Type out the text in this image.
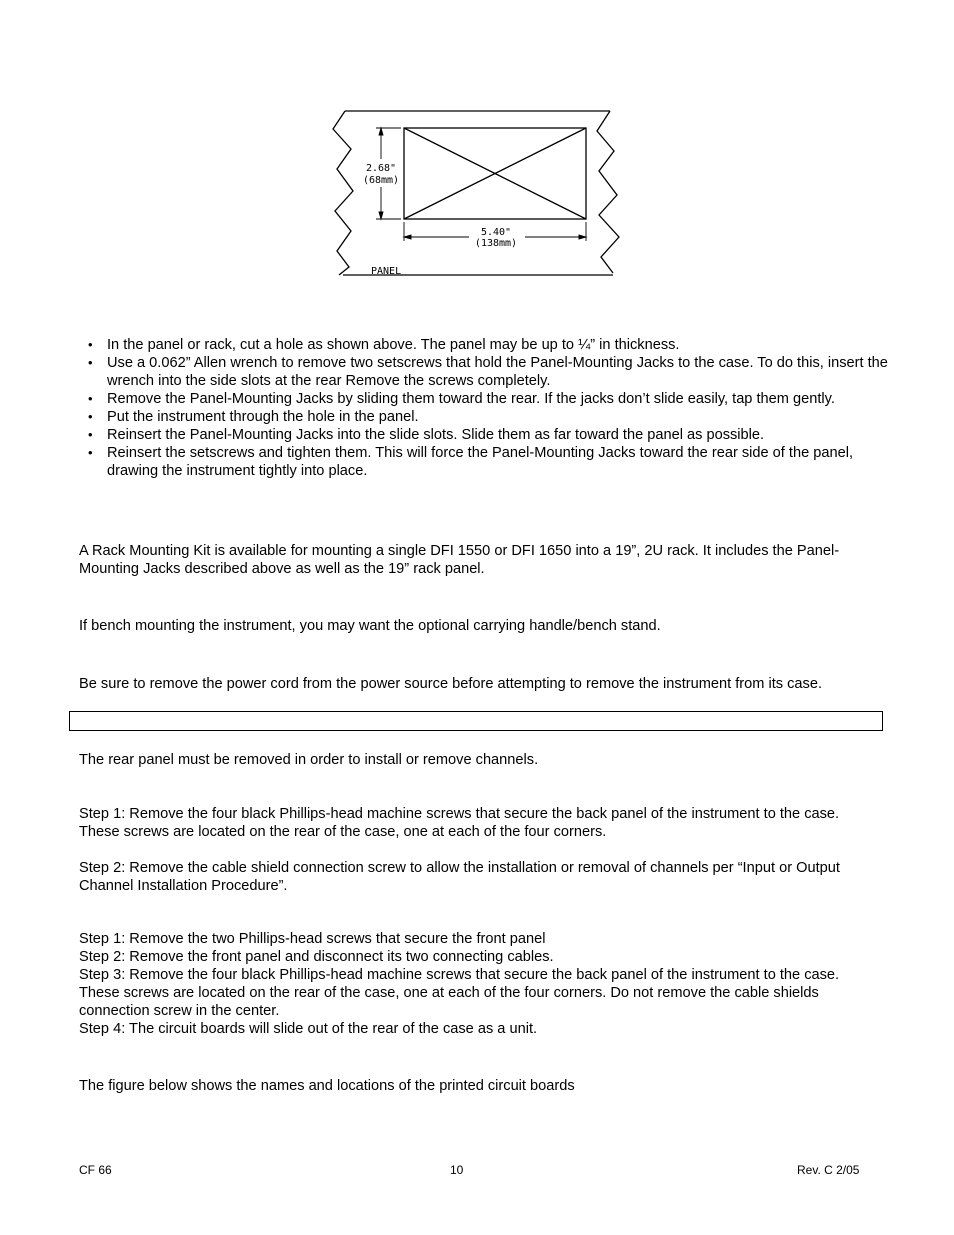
2.68"
(68mm)
5.40"
(138mm)
PANEL
• In the panel or rack, cut a hole as shown above. The panel may be up to ¼” in thickness.
• Use a 0.062” Allen wrench to remove two setscrews that hold the Panel-Mounting Jacks to the case. To do this, insert the wrench into the side slots at the rear Remove the screws completely.
• Remove the Panel-Mounting Jacks by sliding them toward the rear. If the jacks don’t slide easily, tap them gently.
• Put the instrument through the hole in the panel.
• Reinsert the Panel-Mounting Jacks into the slide slots. Slide them as far toward the panel as possible.
• Reinsert the setscrews and tighten them. This will force the Panel-Mounting Jacks toward the rear side of the panel, drawing the instrument tightly into place.

A Rack Mounting Kit is available for mounting a single DFI 1550 or DFI 1650 into a 19”, 2U rack. It includes the Panel-Mounting Jacks described above as well as the 19” rack panel.

If bench mounting the instrument, you may want the optional carrying handle/bench stand.

Be sure to remove the power cord from the power source before attempting to remove the instrument from its case.

The rear panel must be removed in order to install or remove channels.

Step 1: Remove the four black Phillips-head machine screws that secure the back panel of the instrument to the case. These screws are located on the rear of the case, one at each of the four corners.

Step 2: Remove the cable shield connection screw to allow the installation or removal of channels per “Input or Output Channel Installation Procedure”.

Step 1: Remove the two Phillips-head screws that secure the front panel
Step 2: Remove the front panel and disconnect its two connecting cables.
Step 3: Remove the four black Phillips-head machine screws that secure the back panel of the instrument to the case. These screws are located on the rear of the case, one at each of the four corners. Do not remove the cable shields connection screw in the center.
Step 4: The circuit boards will slide out of the rear of the case as a unit.

The figure below shows the names and locations of the printed circuit boards

CF 66	10	Rev. C 2/05
